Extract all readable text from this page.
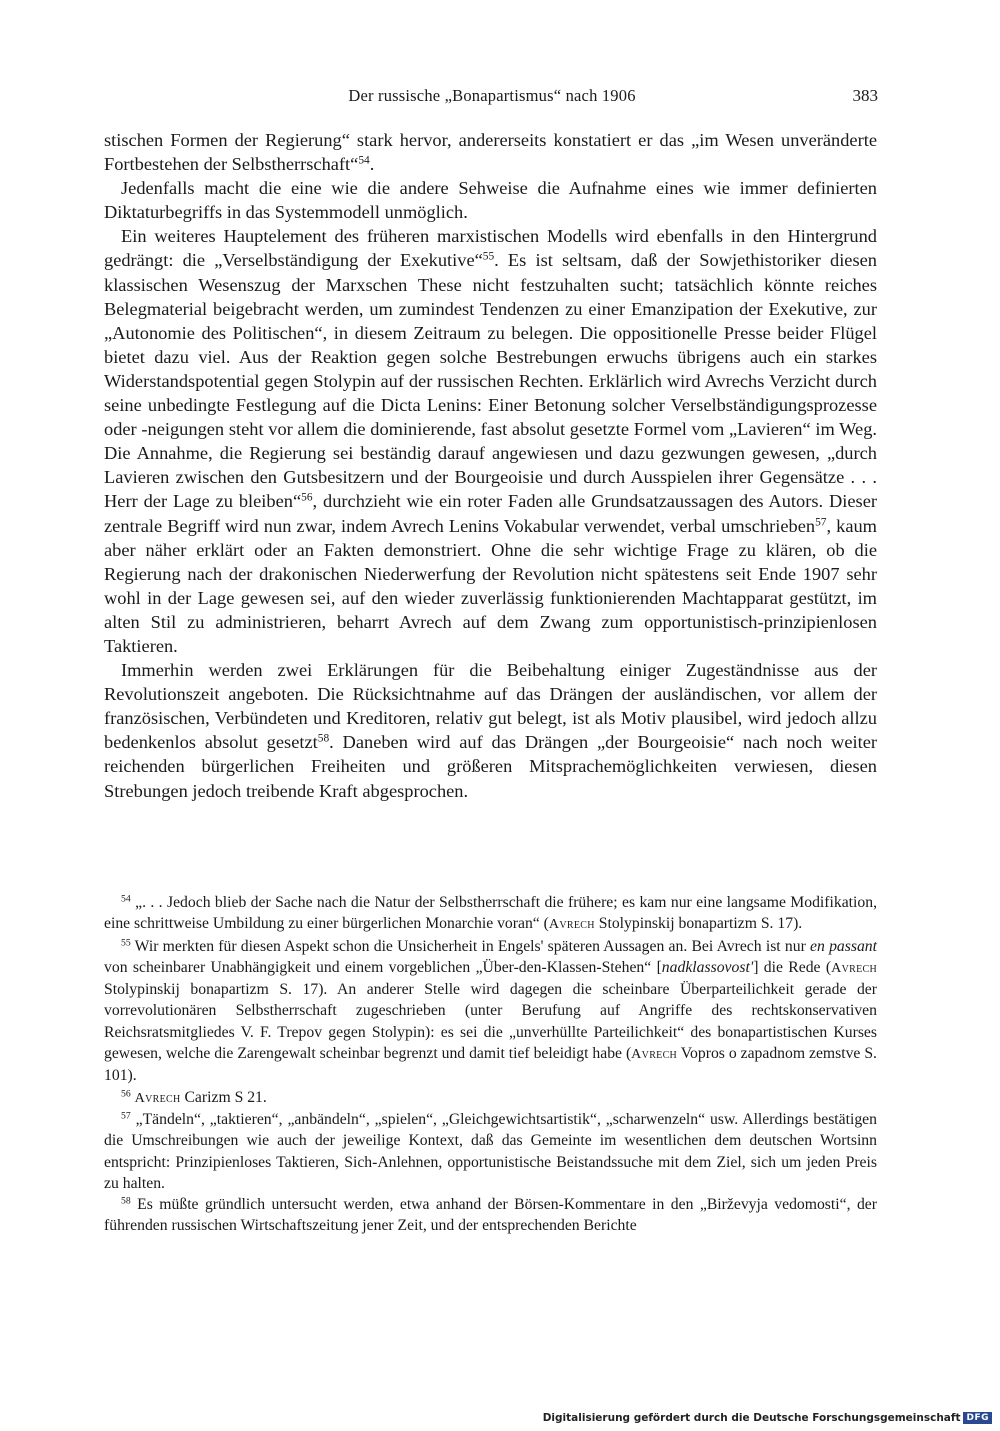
Der russische „Bonapartismus“ nach 1906	383

stischen Formen der Regierung“ stark hervor, andererseits konstatiert er das „im Wesen unveränderte Fortbestehen der Selbstherrschaft“$^{54}$.

Jedenfalls macht die eine wie die andere Sehweise die Aufnahme eines wie immer definierten Diktaturbegriffs in das Systemmodell unmöglich.

Ein weiteres Hauptelement des früheren marxistischen Modells wird ebenfalls in den Hintergrund gedrängt: die „Verselbständigung der Exekutive“$^{55}$. Es ist seltsam, daß der Sowjethistoriker diesen klassischen Wesenszug der Marxschen These nicht festzuhalten sucht; tatsächlich könnte reiches Belegmaterial beigebracht werden, um zumindest Tendenzen zu einer Emanzipation der Exekutive, zur „Autonomie des Politischen“, in diesem Zeitraum zu belegen. Die oppositionelle Presse beider Flügel bietet dazu viel. Aus der Reaktion gegen solche Bestrebungen erwuchs übrigens auch ein starkes Widerstandspotential gegen Stolypin auf der russischen Rechten. Erklärlich wird Avrechs Verzicht durch seine unbedingte Festlegung auf die Dicta Lenins: Einer Betonung solcher Verselbständigungsprozesse oder -neigungen steht vor allem die dominierende, fast absolut gesetzte Formel vom „Lavieren“ im Weg. Die Annahme, die Regierung sei beständig darauf angewiesen und dazu gezwungen gewesen, „durch Lavieren zwischen den Gutsbesitzern und der Bourgeoisie und durch Ausspielen ihrer Gegensätze . . . Herr der Lage zu bleiben“$^{56}$, durchzieht wie ein roter Faden alle Grundsatzaussagen des Autors. Dieser zentrale Begriff wird nun zwar, indem Avrech Lenins Vokabular verwendet, verbal umschrieben$^{57}$, kaum aber näher erklärt oder an Fakten demonstriert. Ohne die sehr wichtige Frage zu klären, ob die Regierung nach der drakonischen Niederwerfung der Revolution nicht spätestens seit Ende 1907 sehr wohl in der Lage gewesen sei, auf den wieder zuverlässig funktionierenden Machtapparat gestützt, im alten Stil zu administrieren, beharrt Avrech auf dem Zwang zum opportunistisch-prinzipienlosen Taktieren.

Immerhin werden zwei Erklärungen für die Beibehaltung einiger Zugeständnisse aus der Revolutionszeit angeboten. Die Rücksichtnahme auf das Drängen der ausländischen, vor allem der französischen, Verbündeten und Kreditoren, relativ gut belegt, ist als Motiv plausibel, wird jedoch allzu bedenkenlos absolut gesetzt$^{58}$. Daneben wird auf das Drängen „der Bourgeoisie“ nach noch weiter reichenden bürgerlichen Freiheiten und größeren Mitsprachemöglichkeiten verwiesen, diesen Strebungen jedoch treibende Kraft abgesprochen.

$^{54}$ „. . . Jedoch blieb der Sache nach die Natur der Selbstherrschaft die frühere; es kam nur eine langsame Modifikation, eine schrittweise Umbildung zu einer bürgerlichen Monarchie voran“ (Avrech Stolypinskij bonapartizm S. 17).

$^{55}$ Wir merkten für diesen Aspekt schon die Unsicherheit in Engels' späteren Aussagen an. Bei Avrech ist nur en passant von scheinbarer Unabhängigkeit und einem vorgeblichen „Über-den-Klassen-Stehen“ [nadklassovost'] die Rede (Avrech Stolypinskij bonapartizm S. 17). An anderer Stelle wird dagegen die scheinbare Überparteilichkeit gerade der vorrevolutionären Selbstherrschaft zugeschrieben (unter Berufung auf Angriffe des rechtskonservativen Reichsratsmitgliedes V. F. Trepov gegen Stolypin): es sei die „unverhüllte Parteilichkeit“ des bonapartistischen Kurses gewesen, welche die Zarengewalt scheinbar begrenzt und damit tief beleidigt habe (Avrech Vopros o zapadnom zemstve S. 101).

$^{56}$ Avrech Carizm S 21.

$^{57}$ „Tändeln“, „taktieren“, „anbändeln“, „spielen“, „Gleichgewichtsartistik“, „scharwenzeln“ usw. Allerdings bestätigen die Umschreibungen wie auch der jeweilige Kontext, daß das Gemeinte im wesentlichen dem deutschen Wortsinn entspricht: Prinzipienloses Taktieren, Sich-Anlehnen, opportunistische Beistandssuche mit dem Ziel, sich um jeden Preis zu halten.

$^{58}$ Es müßte gründlich untersucht werden, etwa anhand der Börsen-Kommentare in den „Birževyja vedomosti“, der führenden russischen Wirtschaftszeitung jener Zeit, und der entsprechenden Berichte

Digitalisierung gefördert durch die Deutsche Forschungsgemeinschaft DFG
